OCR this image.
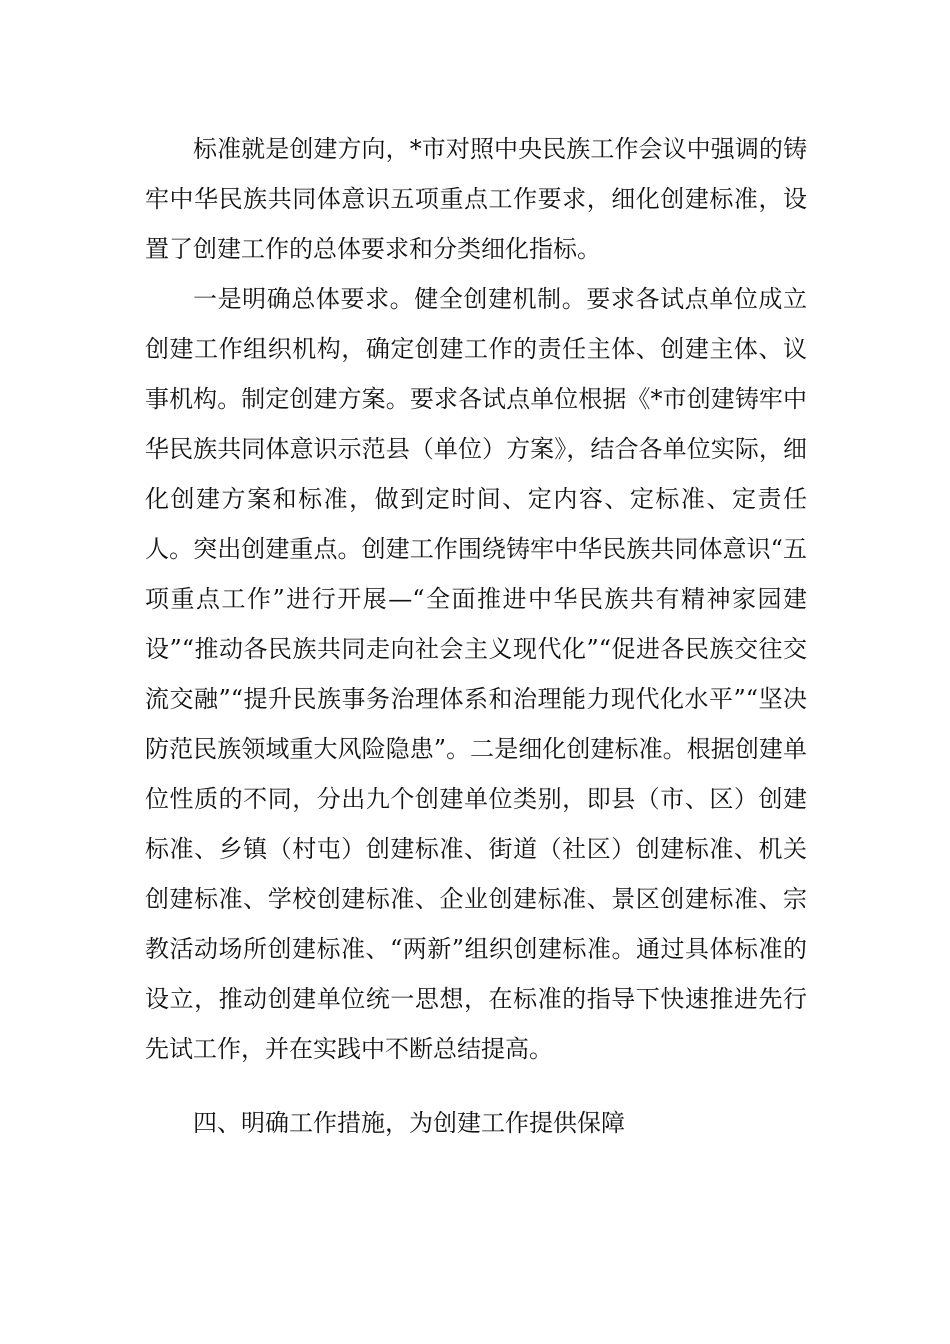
标准就是创建方向，*市对照中央民族工作会议中强调的铸牢中华民族共同体意识五项重点工作要求，细化创建标准，设置了创建工作的总体要求和分类细化指标。

一是明确总体要求。健全创建机制。要求各试点单位成立创建工作组织机构，确定创建工作的责任主体、创建主体、议事机构。制定创建方案。要求各试点单位根据《*市创建铸牢中华民族共同体意识示范县（单位）方案》，结合各单位实际，细化创建方案和标准，做到定时间、定内容、定标准、定责任人。突出创建重点。创建工作围绕铸牢中华民族共同体意识“五项重点工作”进行开展—“全面推进中华民族共有精神家园建设”“推动各民族共同走向社会主义现代化”“促进各民族交往交流交融”“提升民族事务治理体系和治理能力现代化水平”“坚决防范民族领域重大风险隐患”。二是细化创建标准。根据创建单位性质的不同，分出九个创建单位类别，即县（市、区）创建标准、乡镇（村屯）创建标准、街道（社区）创建标准、机关创建标准、学校创建标准、企业创建标准、景区创建标准、宗教活动场所创建标准、“两新”组织创建标准。通过具体标准的设立，推动创建单位统一思想，在标准的指导下快速推进先行先试工作，并在实践中不断总结提高。

四、明确工作措施，为创建工作提供保障
